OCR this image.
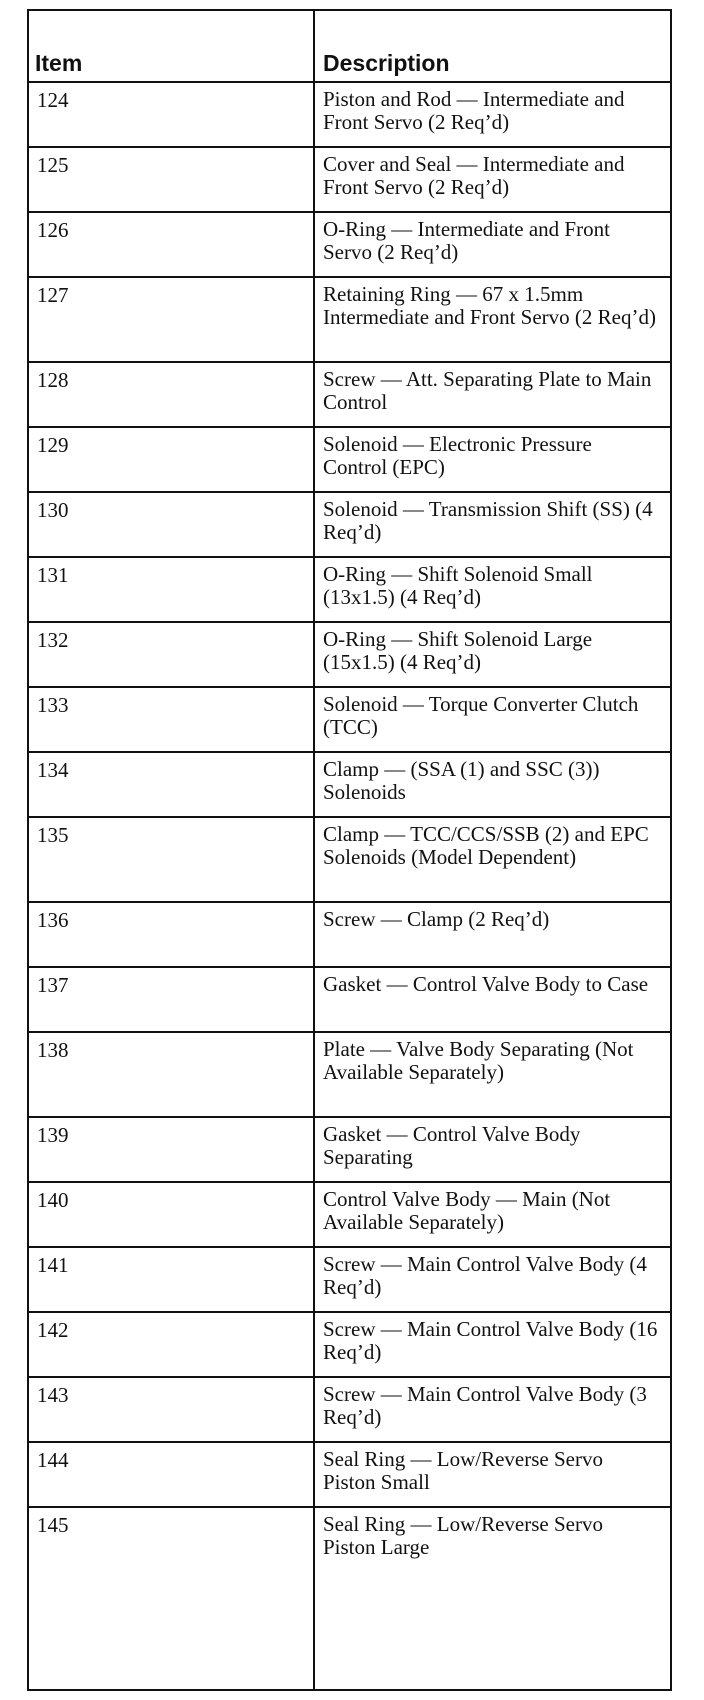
Item	Description
124	Piston and Rod — Intermediate and Front Servo (2 Req’d)
125	Cover and Seal — Intermediate and Front Servo (2 Req’d)
126	O-Ring — Intermediate and Front Servo (2 Req’d)
127	Retaining Ring — 67 x 1.5mm Intermediate and Front Servo (2 Req’d)
128	Screw — Att. Separating Plate to Main Control
129	Solenoid — Electronic Pressure Control (EPC)
130	Solenoid — Transmission Shift (SS) (4 Req’d)
131	O-Ring — Shift Solenoid Small (13x1.5) (4 Req’d)
132	O-Ring — Shift Solenoid Large (15x1.5) (4 Req’d)
133	Solenoid — Torque Converter Clutch (TCC)
134	Clamp — (SSA (1) and SSC (3)) Solenoids
135	Clamp — TCC/CCS/SSB (2) and EPC Solenoids (Model Dependent)
136	Screw — Clamp (2 Req’d)
137	Gasket — Control Valve Body to Case
138	Plate — Valve Body Separating (Not Available Separately)
139	Gasket — Control Valve Body Separating
140	Control Valve Body — Main (Not Available Separately)
141	Screw — Main Control Valve Body (4 Req’d)
142	Screw — Main Control Valve Body (16 Req’d)
143	Screw — Main Control Valve Body (3 Req’d)
144	Seal Ring — Low/Reverse Servo Piston Small
145	Seal Ring — Low/Reverse Servo Piston Large
